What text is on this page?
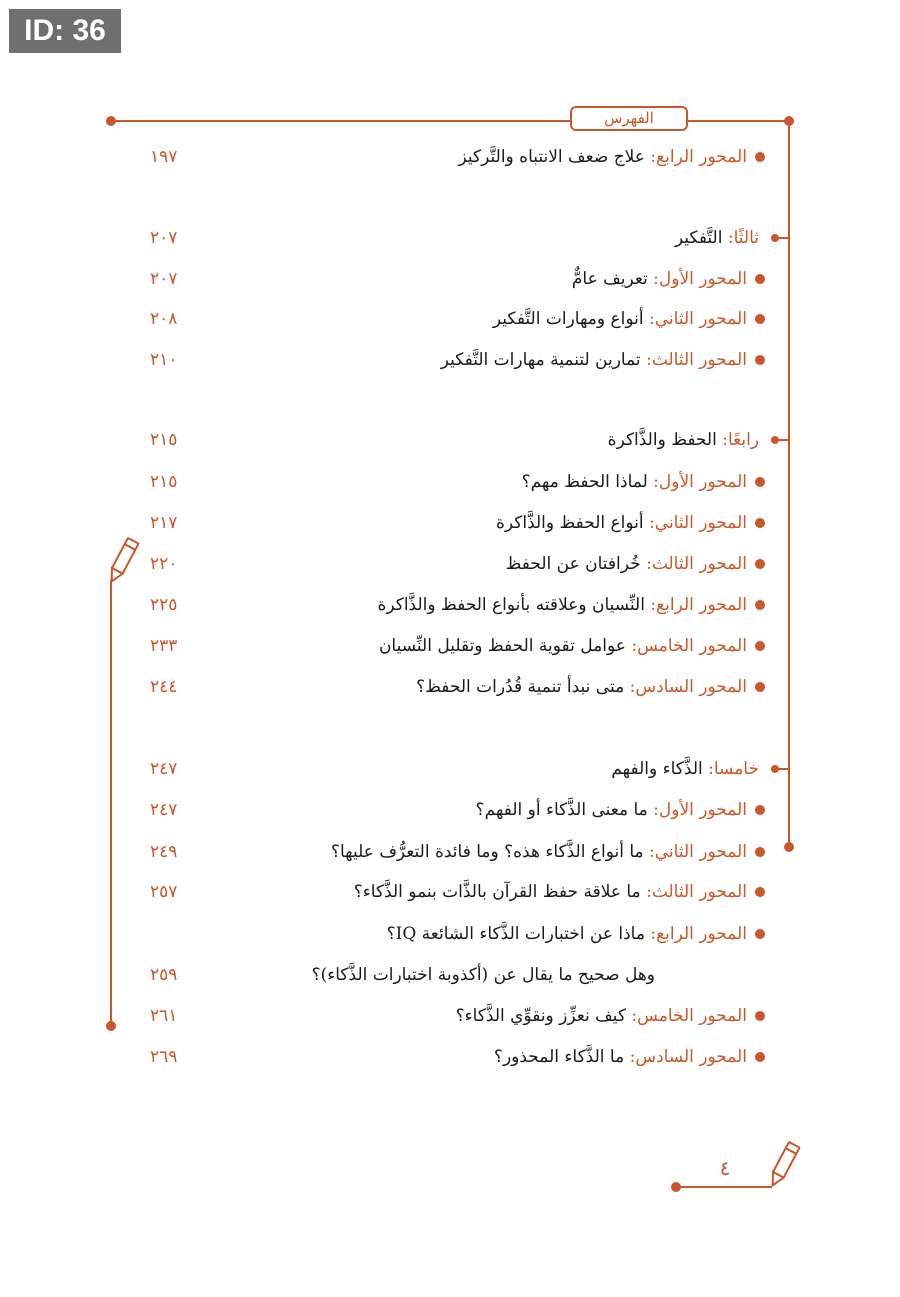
ID: 36
الفهرس
المحور الرابع: علاج ضعف الانتباه والتَّركيز
١٩٧
ثالثًا: التَّفكير
٢٠٧
المحور الأول: تعريف عامٌّ
٢٠٧
المحور الثاني: أنواع ومهارات التَّفكير
٢٠٨
المحور الثالث: تمارين لتنمية مهارات التَّفكير
٢١٠
رابعًا: الحفظ والذَّاكرة
٢١٥
المحور الأول: لماذا الحفظ مهم؟
٢١٥
المحور الثاني: أنواع الحفظ والذَّاكرة
٢١٧
المحور الثالث: خُرافتان عن الحفظ
٢٢٠
المحور الرابع: النِّسيان وعلاقته بأنواع الحفظ والذَّاكرة
٢٢٥
المحور الخامس: عوامل تقوية الحفظ وتقليل النِّسيان
٢٣٣
المحور السادس: متى نبدأ تنمية قُدُرات الحفظ؟
٢٤٤
خامسا: الذَّكاء والفهم
٢٤٧
المحور الأول: ما معنى الذَّكاء أو الفهم؟
٢٤٧
المحور الثاني: ما أنواع الذَّكاء هذه؟ وما فائدة التعرُّف عليها؟
٢٤٩
المحور الثالث: ما علاقة حفظ القرآن بالذَّات بنمو الذَّكاء؟
٢٥٧
المحور الرابع: ماذا عن اختبارات الذَّكاء الشائعة IQ؟
وهل صحيح ما يقال عن (أكذوبة اختبارات الذَّكاء)؟
٢٥٩
المحور الخامس: كيف نعزِّز ونقوِّي الذَّكاء؟
٢٦١
المحور السادس: ما الذَّكاء المحذور؟
٢٦٩
٤
